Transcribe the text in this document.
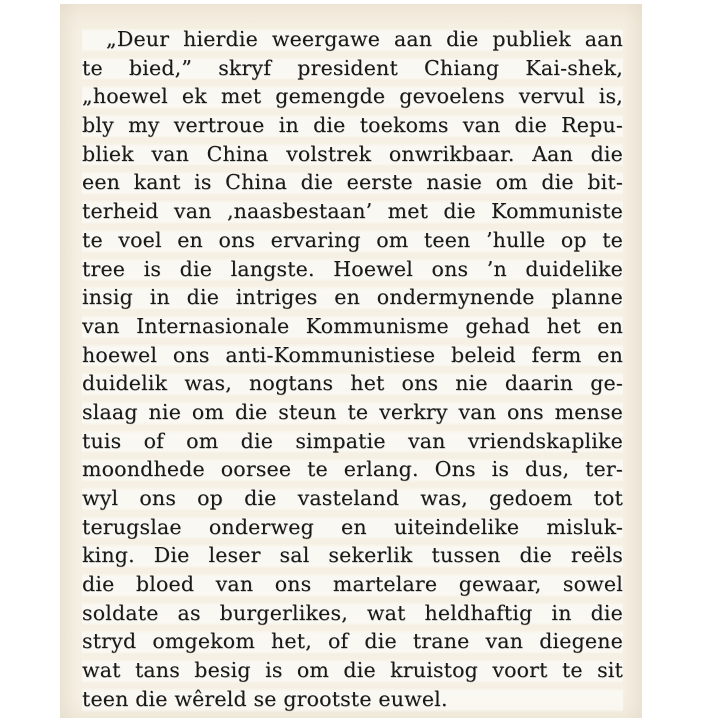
„Deur hierdie weergawe aan die publiek aan
te bied,” skryf president Chiang Kai-shek,
„hoewel ek met gemengde gevoelens vervul is,
bly my vertroue in die toekoms van die Repu-
bliek van China volstrek onwrikbaar. Aan die
een kant is China die eerste nasie om die bit-
terheid van ‚naasbestaan’ met die Kommuniste
te voel en ons ervaring om teen ’hulle op te
tree is die langste. Hoewel ons ’n duidelike
insig in die intriges en ondermynende planne
van Internasionale Kommunisme gehad het en
hoewel ons anti-Kommunistiese beleid ferm en
duidelik was, nogtans het ons nie daarin ge-
slaag nie om die steun te verkry van ons mense
tuis of om die simpatie van vriendskaplike
moondhede oorsee te erlang. Ons is dus, ter-
wyl ons op die vasteland was, gedoem tot
terugslae onderweg en uiteindelike misluk-
king. Die leser sal sekerlik tussen die reëls
die bloed van ons martelare gewaar, sowel
soldate as burgerlikes, wat heldhaftig in die
stryd omgekom het, of die trane van diegene
wat tans besig is om die kruistog voort te sit
teen die wêreld se grootste euwel.
